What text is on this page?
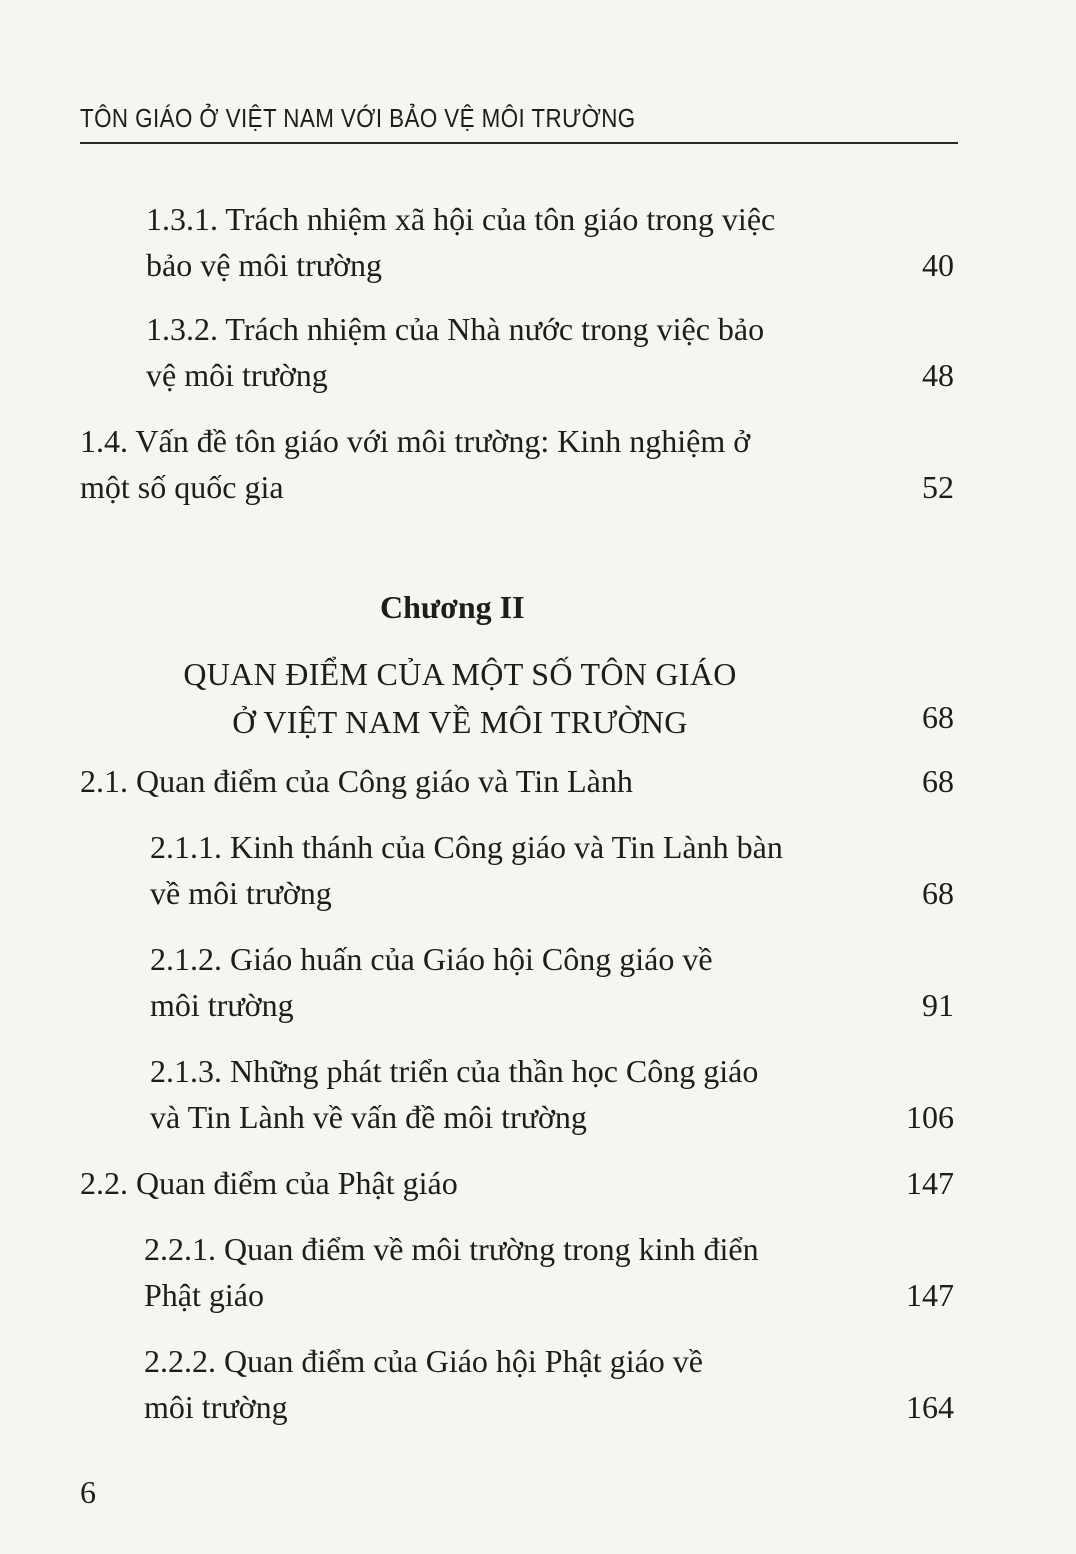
TÔN GIÁO Ở VIỆT NAM VỚI BẢO VỆ MÔI TRƯỜNG
1.3.1. Trách nhiệm xã hội của tôn giáo trong việc
bảo vệ môi trường	40
1.3.2. Trách nhiệm của Nhà nước trong việc bảo
vệ môi trường	48
1.4. Vấn đề tôn giáo với môi trường: Kinh nghiệm ở
một số quốc gia	52
Chương II
QUAN ĐIỂM CỦA MỘT SỐ TÔN GIÁO
Ở VIỆT NAM VỀ MÔI TRƯỜNG	68
2.1. Quan điểm của Công giáo và Tin Lành	68
2.1.1. Kinh thánh của Công giáo và Tin Lành bàn
về môi trường	68
2.1.2. Giáo huấn của Giáo hội Công giáo về
môi trường	91
2.1.3. Những phát triển của thần học Công giáo
và Tin Lành về vấn đề môi trường	106
2.2. Quan điểm của Phật giáo	147
2.2.1. Quan điểm về môi trường trong kinh điển
Phật giáo	147
2.2.2. Quan điểm của Giáo hội Phật giáo về
môi trường	164
6
